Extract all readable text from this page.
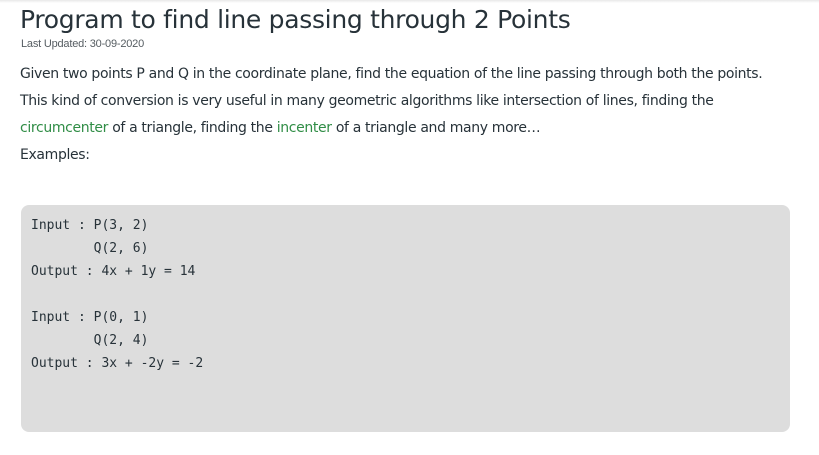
Program to find line passing through 2 Points
Last Updated: 30-09-2020
Given two points P and Q in the coordinate plane, find the equation of the line passing through both the points.
This kind of conversion is very useful in many geometric algorithms like intersection of lines, finding the
circumcenter of a triangle, finding the incenter of a triangle and many more…
Examples:
Input : P(3, 2)
Q(2, 6)
Output : 4x + 1y = 14
Input : P(0, 1)
Q(2, 4)
Output : 3x + -2y = -2
